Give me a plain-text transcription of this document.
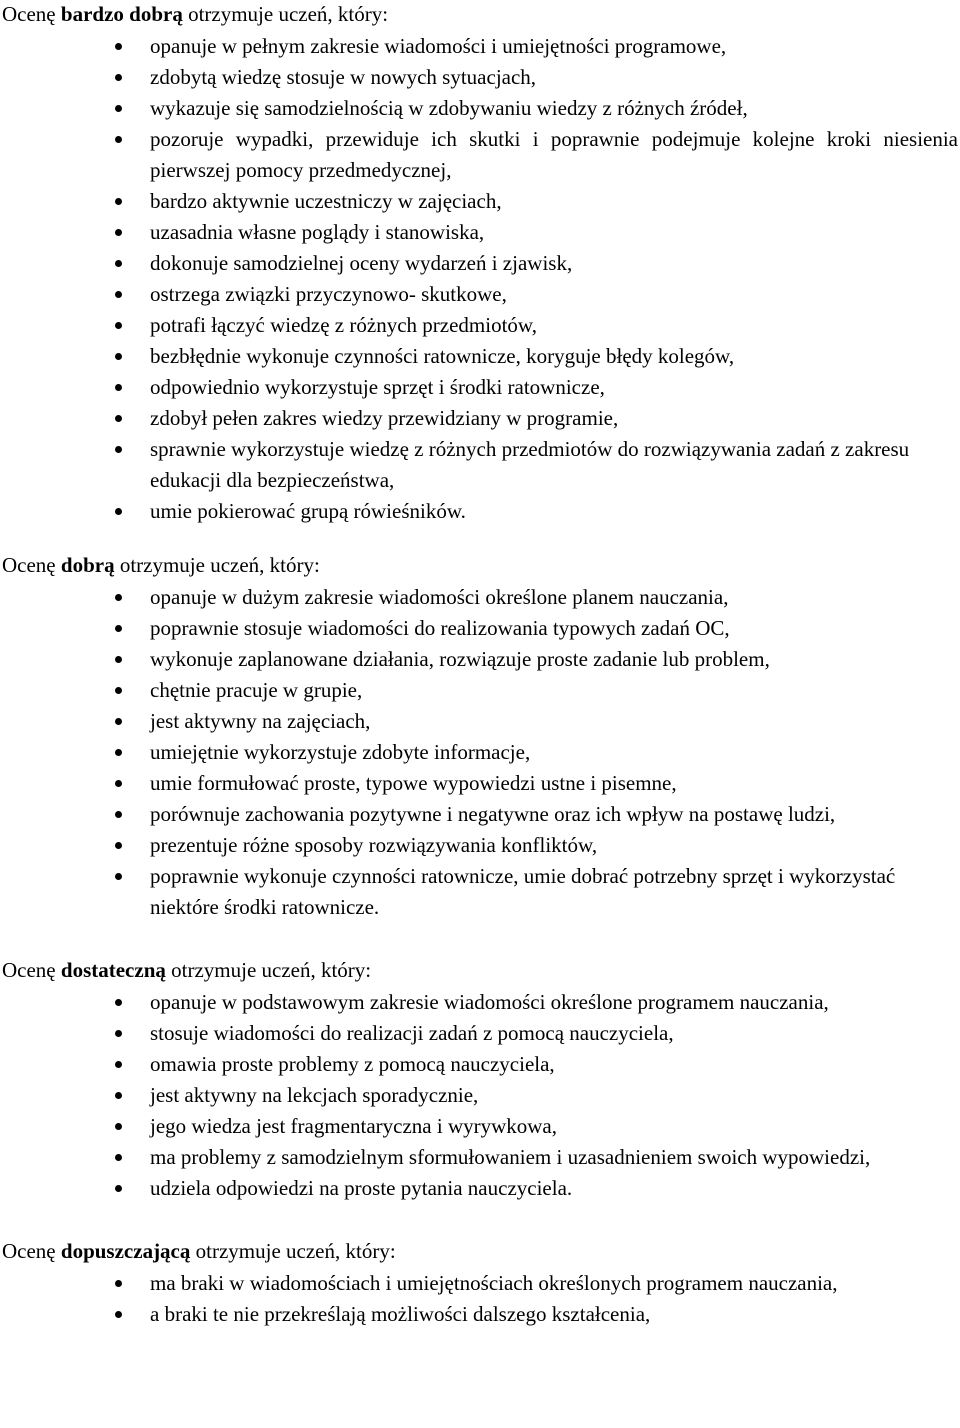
Ocenę bardzo dobrą otrzymuje uczeń, który:

opanuje w pełnym zakresie wiadomości i umiejętności programowe,
zdobytą wiedzę stosuje w nowych sytuacjach,
wykazuje się samodzielnością w zdobywaniu wiedzy z różnych źródeł,
pozoruje wypadki, przewiduje ich skutki i poprawnie podejmuje kolejne kroki niesienia pierwszej pomocy przedmedycznej,
bardzo aktywnie uczestniczy w zajęciach,
uzasadnia własne poglądy i stanowiska,
dokonuje samodzielnej oceny wydarzeń i zjawisk,
ostrzega związki przyczynowo- skutkowe,
potrafi łączyć wiedzę z różnych przedmiotów,
bezbłędnie wykonuje czynności ratownicze, koryguje błędy kolegów,
odpowiednio wykorzystuje sprzęt i środki ratownicze,
zdobył pełen zakres wiedzy przewidziany w programie,
sprawnie wykorzystuje wiedzę z różnych przedmiotów do rozwiązywania zadań z zakresu edukacji dla bezpieczeństwa,
umie pokierować grupą rówieśników.

Ocenę dobrą otrzymuje uczeń, który:

opanuje w dużym zakresie wiadomości określone planem nauczania,
poprawnie stosuje wiadomości do realizowania typowych zadań OC,
wykonuje zaplanowane działania, rozwiązuje proste zadanie lub problem,
chętnie pracuje w grupie,
jest aktywny na zajęciach,
umiejętnie wykorzystuje zdobyte informacje,
umie formułować proste, typowe wypowiedzi ustne i pisemne,
porównuje zachowania pozytywne i negatywne oraz ich wpływ na postawę ludzi,
prezentuje różne sposoby rozwiązywania konfliktów,
poprawnie wykonuje czynności ratownicze, umie dobrać potrzebny sprzęt i wykorzystać niektóre środki ratownicze.

Ocenę dostateczną otrzymuje uczeń, który:

opanuje w podstawowym zakresie wiadomości określone programem nauczania,
stosuje wiadomości do realizacji zadań z pomocą nauczyciela,
omawia proste problemy z pomocą nauczyciela,
jest aktywny na lekcjach sporadycznie,
jego wiedza jest fragmentaryczna i wyrywkowa,
ma problemy z samodzielnym sformułowaniem i uzasadnieniem swoich wypowiedzi,
udziela odpowiedzi na proste pytania nauczyciela.

Ocenę dopuszczającą otrzymuje uczeń, który:

ma braki w wiadomościach i umiejętnościach określonych programem nauczania,
a braki te nie przekreślają możliwości dalszego kształcenia,
